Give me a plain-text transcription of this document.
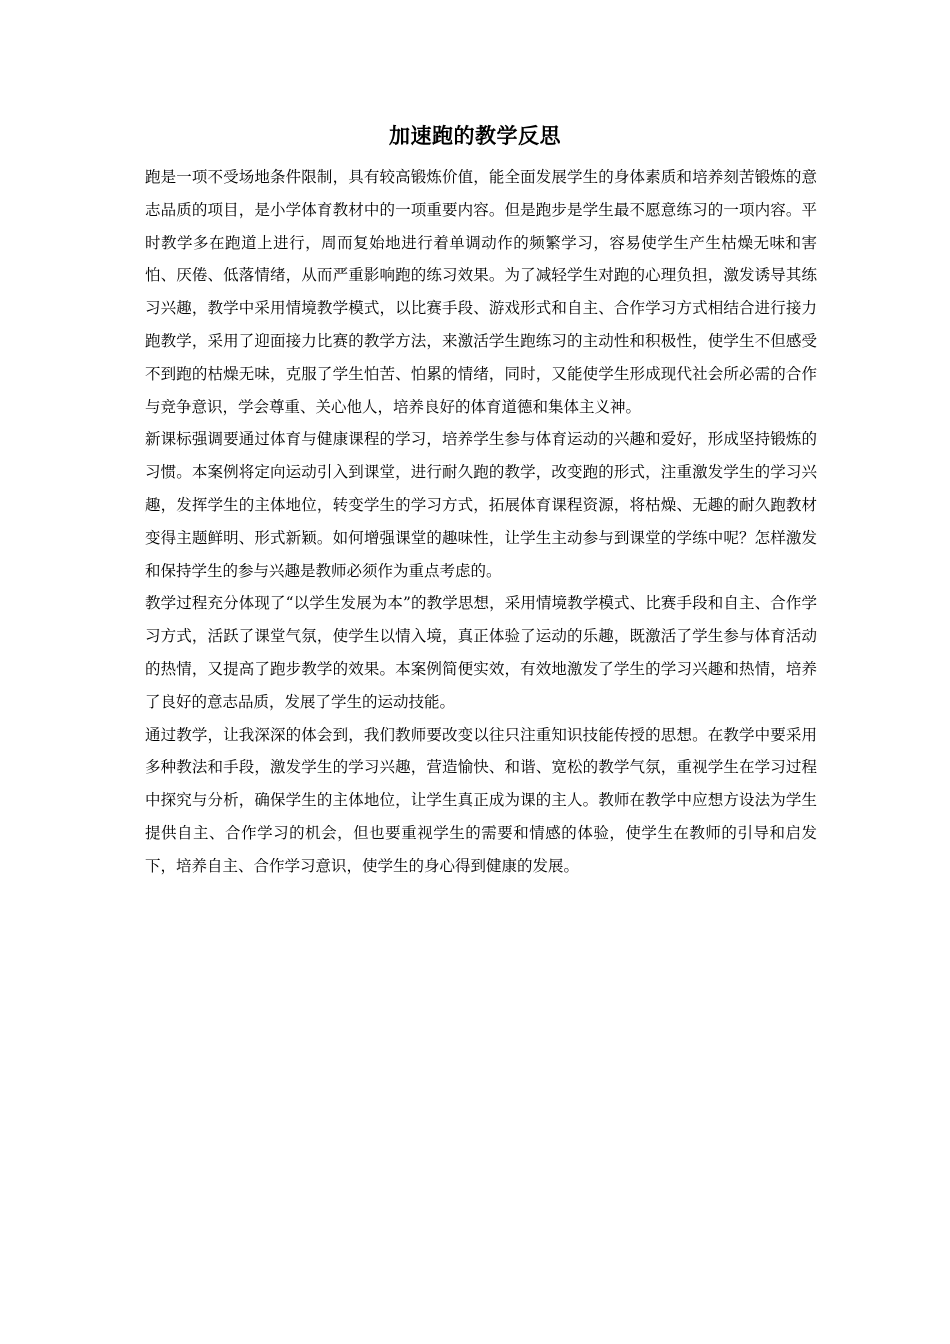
加速跑的教学反思

跑是一项不受场地条件限制，具有较高锻炼价值，能全面发展学生的身体素质和培养刻苦锻炼的意志品质的项目，是小学体育教材中的一项重要内容。但是跑步是学生最不愿意练习的一项内容。平时教学多在跑道上进行，周而复始地进行着单调动作的频繁学习，容易使学生产生枯燥无味和害怕、厌倦、低落情绪，从而严重影响跑的练习效果。为了减轻学生对跑的心理负担，激发诱导其练习兴趣，教学中采用情境教学模式，以比赛手段、游戏形式和自主、合作学习方式相结合进行接力跑教学，采用了迎面接力比赛的教学方法，来激活学生跑练习的主动性和积极性，使学生不但感受不到跑的枯燥无味，克服了学生怕苦、怕累的情绪，同时，又能使学生形成现代社会所必需的合作与竞争意识，学会尊重、关心他人，培养良好的体育道德和集体主义神。

新课标强调要通过体育与健康课程的学习，培养学生参与体育运动的兴趣和爱好，形成坚持锻炼的习惯。本案例将定向运动引入到课堂，进行耐久跑的教学，改变跑的形式，注重激发学生的学习兴趣，发挥学生的主体地位，转变学生的学习方式，拓展体育课程资源，将枯燥、无趣的耐久跑教材变得主题鲜明、形式新颖。如何增强课堂的趣味性，让学生主动参与到课堂的学练中呢？怎样激发和保持学生的参与兴趣是教师必须作为重点考虑的。

教学过程充分体现了“以学生发展为本”的教学思想，采用情境教学模式、比赛手段和自主、合作学习方式，活跃了课堂气氛，使学生以情入境，真正体验了运动的乐趣，既激活了学生参与体育活动的热情，又提高了跑步教学的效果。本案例简便实效，有效地激发了学生的学习兴趣和热情，培养了良好的意志品质，发展了学生的运动技能。

通过教学，让我深深的体会到，我们教师要改变以往只注重知识技能传授的思想。在教学中要采用多种教法和手段，激发学生的学习兴趣，营造愉快、和谐、宽松的教学气氛，重视学生在学习过程中探究与分析，确保学生的主体地位，让学生真正成为课的主人。教师在教学中应想方设法为学生提供自主、合作学习的机会，但也要重视学生的需要和情感的体验，使学生在教师的引导和启发下，培养自主、合作学习意识，使学生的身心得到健康的发展。
